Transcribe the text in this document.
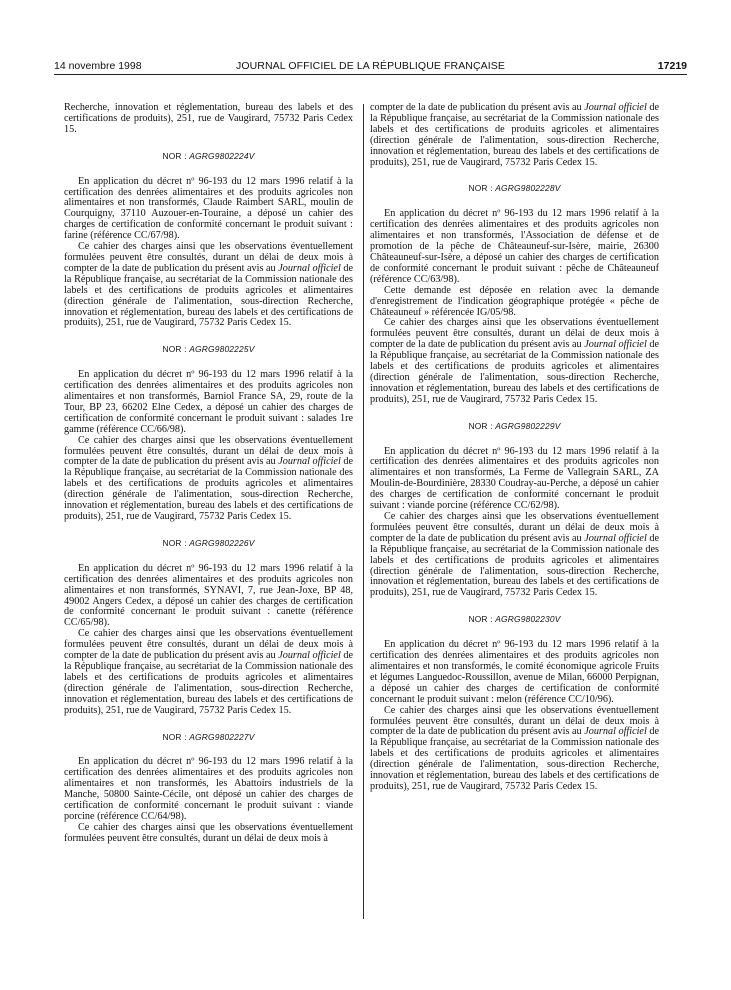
14 novembre 1998	JOURNAL OFFICIEL DE LA RÉPUBLIQUE FRANÇAISE	17219

Recherche, innovation et réglementation, bureau des labels et des certifications de produits), 251, rue de Vaugirard, 75732 Paris Cedex 15.

NOR : AGRG9802224V

En application du décret nº 96-193 du 12 mars 1996 relatif à la certification des denrées alimentaires et des produits agricoles non alimentaires et non transformés, Claude Raimbert SARL, moulin de Courquigny, 37110 Auzouer-en-Touraine, a déposé un cahier des charges de certification de conformité concernant le produit suivant : farine (référence CC/67/98).

Ce cahier des charges ainsi que les observations éventuellement formulées peuvent être consultés, durant un délai de deux mois à compter de la date de publication du présent avis au Journal officiel de la République française, au secrétariat de la Commission nationale des labels et des certifications de produits agricoles et alimentaires (direction générale de l'alimentation, sous-direction Recherche, innovation et réglementation, bureau des labels et des certifications de produits), 251, rue de Vaugirard, 75732 Paris Cedex 15.

NOR : AGRG9802225V

En application du décret nº 96-193 du 12 mars 1996 relatif à la certification des denrées alimentaires et des produits agricoles non alimentaires et non transformés, Barniol France SA, 29, route de la Tour, BP 23, 66202 Elne Cedex, a déposé un cahier des charges de certification de conformité concernant le produit suivant : salades 1re gamme (référence CC/66/98).

Ce cahier des charges ainsi que les observations éventuellement formulées peuvent être consultés, durant un délai de deux mois à compter de la date de publication du présent avis au Journal officiel de la République française, au secrétariat de la Commission nationale des labels et des certifications de produits agricoles et alimentaires (direction générale de l'alimentation, sous-direction Recherche, innovation et réglementation, bureau des labels et des certifications de produits), 251, rue de Vaugirard, 75732 Paris Cedex 15.

NOR : AGRG9802226V

En application du décret nº 96-193 du 12 mars 1996 relatif à la certification des denrées alimentaires et des produits agricoles non alimentaires et non transformés, SYNAVI, 7, rue Jean-Joxe, BP 48, 49002 Angers Cedex, a déposé un cahier des charges de certification de conformité concernant le produit suivant : canette (référence CC/65/98).

Ce cahier des charges ainsi que les observations éventuellement formulées peuvent être consultés, durant un délai de deux mois à compter de la date de publication du présent avis au Journal officiel de la République française, au secrétariat de la Commission nationale des labels et des certifications de produits agricoles et alimentaires (direction générale de l'alimentation, sous-direction Recherche, innovation et réglementation, bureau des labels et des certifications de produits), 251, rue de Vaugirard, 75732 Paris Cedex 15.

NOR : AGRG9802227V

En application du décret nº 96-193 du 12 mars 1996 relatif à la certification des denrées alimentaires et des produits agricoles non alimentaires et non transformés, les Abattoirs industriels de la Manche, 50800 Sainte-Cécile, ont déposé un cahier des charges de certification de conformité concernant le produit suivant : viande porcine (référence CC/64/98).

Ce cahier des charges ainsi que les observations éventuellement formulées peuvent être consultés, durant un délai de deux mois à

compter de la date de publication du présent avis au Journal officiel de la République française, au secrétariat de la Commission nationale des labels et des certifications de produits agricoles et alimentaires (direction générale de l'alimentation, sous-direction Recherche, innovation et réglementation, bureau des labels et des certifications de produits), 251, rue de Vaugirard, 75732 Paris Cedex 15.

NOR : AGRG9802228V

En application du décret nº 96-193 du 12 mars 1996 relatif à la certification des denrées alimentaires et des produits agricoles non alimentaires et non transformés, l'Association de défense et de promotion de la pêche de Châteauneuf-sur-Isère, mairie, 26300 Châteauneuf-sur-Isère, a déposé un cahier des charges de certification de conformité concernant le produit suivant : pêche de Châteauneuf (référence CC/63/98).

Cette demande est déposée en relation avec la demande d'enregistrement de l'indication géographique protégée « pêche de Châteauneuf » référencée IG/05/98.

Ce cahier des charges ainsi que les observations éventuellement formulées peuvent être consultés, durant un délai de deux mois à compter de la date de publication du présent avis au Journal officiel de la République française, au secrétariat de la Commission nationale des labels et des certifications de produits agricoles et alimentaires (direction générale de l'alimentation, sous-direction Recherche, innovation et réglementation, bureau des labels et des certifications de produits), 251, rue de Vaugirard, 75732 Paris Cedex 15.

NOR : AGRG9802229V

En application du décret nº 96-193 du 12 mars 1996 relatif à la certification des denrées alimentaires et des produits agricoles non alimentaires et non transformés, La Ferme de Vallegrain SARL, ZA Moulin-de-Bourdinière, 28330 Coudray-au-Perche, a déposé un cahier des charges de certification de conformité concernant le produit suivant : viande porcine (référence CC/62/98).

Ce cahier des charges ainsi que les observations éventuellement formulées peuvent être consultés, durant un délai de deux mois à compter de la date de publication du présent avis au Journal officiel de la République française, au secrétariat de la Commission nationale des labels et des certifications de produits agricoles et alimentaires (direction générale de l'alimentation, sous-direction Recherche, innovation et réglementation, bureau des labels et des certifications de produits), 251, rue de Vaugirard, 75732 Paris Cedex 15.

NOR : AGRG9802230V

En application du décret nº 96-193 du 12 mars 1996 relatif à la certification des denrées alimentaires et des produits agricoles non alimentaires et non transformés, le comité économique agricole Fruits et légumes Languedoc-Roussillon, avenue de Milan, 66000 Perpignan, a déposé un cahier des charges de certification de conformité concernant le produit suivant : melon (référence CC/10/96).

Ce cahier des charges ainsi que les observations éventuellement formulées peuvent être consultés, durant un délai de deux mois à compter de la date de publication du présent avis au Journal officiel de la République française, au secrétariat de la Commission nationale des labels et des certifications de produits agricoles et alimentaires (direction générale de l'alimentation, sous-direction Recherche, innovation et réglementation, bureau des labels et des certifications de produits), 251, rue de Vaugirard, 75732 Paris Cedex 15.
